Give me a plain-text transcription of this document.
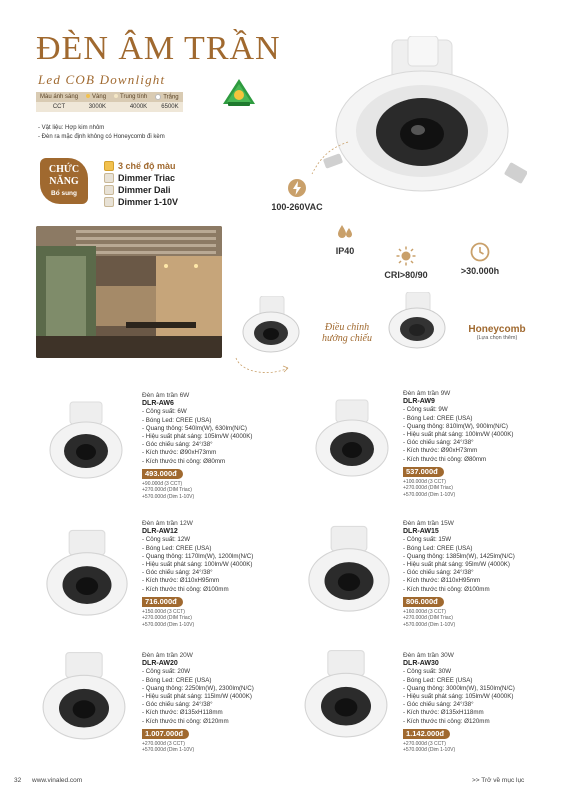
ĐÈN ÂM TRẦN
Led COB Downlight
Màu ánh sáng	Vàng	Trung tính	Trắng
CCT	3000K	4000K	6500K
- Vật liệu: Hợp kim nhôm
- Đèn ra mặc định không có Honeycomb đi kèm
CHỨC NĂNG
Bổ sung
3 chế độ màu
Dimmer Triac
Dimmer Dali
Dimmer 1-10V	100-260VAC
IP40
CRI>80/90	>30.000h
Điều chỉnh hướng chiếu
Honeycomb
(Lựa chọn thêm)
Đèn âm trần 6W
DLR-AW6
- Công suất: 6W
- Bóng Led: CREE (USA)
- Quang thông: 540lm(W), 630lm(N/C)
- Hiệu suất phát sáng: 105lm/W (4000K)
- Góc chiếu sáng: 24°/38°
- Kích thước: Ø90xH73mm
- Kích thước thi công: Ø80mm
493.000đ
+90.000đ (3 CCT)
+270.000đ (DIM Triac)
+570.000đ (Dim 1-10V)
Đèn âm trần 9W
DLR-AW9
- Công suất: 9W
- Bóng Led: CREE (USA)
- Quang thông: 810lm(W), 900lm(N/C)
- Hiệu suất phát sáng: 100lm/W (4000K)
- Góc chiếu sáng: 24°/38°
- Kích thước: Ø90xH73mm
- Kích thước thi công: Ø80mm
537.000đ
+100.000đ (3 CCT)
+270.000đ (DIM Triac)
+570.000đ (Dim 1-10V)
Đèn âm trần 12W
DLR-AW12
- Công suất: 12W
- Bóng Led: CREE (USA)
- Quang thông: 1170lm(W), 1200lm(N/C)
- Hiệu suất phát sáng: 100lm/W (4000K)
- Góc chiếu sáng: 24°/38°
- Kích thước: Ø110xH95mm
- Kích thước thi công: Ø100mm
716.000đ
+150.000đ (3 CCT)
+270.000đ (DIM Triac)
+570.000đ (Dim 1-10V)
Đèn âm trần 15W
DLR-AW15
- Công suất: 15W
- Bóng Led: CREE (USA)
- Quang thông: 1385lm(W), 1425lm(N/C)
- Hiệu suất phát sáng: 95lm/W (4000K)
- Góc chiếu sáng: 24°/38°
- Kích thước: Ø110xH95mm
- Kích thước thi công: Ø100mm
806.000đ
+160.000đ (3 CCT)
+270.000đ (DIM Triac)
+570.000đ (Dim 1-10V)
Đèn âm trần 20W
DLR-AW20
- Công suất: 20W
- Bóng Led: CREE (USA)
- Quang thông: 2250lm(W), 2300lm(N/C)
- Hiệu suất phát sáng: 115lm/W (4000K)
- Góc chiếu sáng: 24°/38°
- Kích thước: Ø135xH118mm
- Kích thước thi công: Ø120mm
1.007.000đ
+270.000đ (3 CCT)
+570.000đ (Dim 1-10V)
Đèn âm trần 30W
DLR-AW30
- Công suất: 30W
- Bóng Led: CREE (USA)
- Quang thông: 3000lm(W), 3150lm(N/C)
- Hiệu suất phát sáng: 105lm/W (4000K)
- Góc chiếu sáng: 24°/38°
- Kích thước: Ø135xH118mm
- Kích thước thi công: Ø120mm
1.142.000đ
+270.000đ (3 CCT)
+570.000đ (Dim 1-10V)
32 www.vinaled.com	>> Trở về mục lục
